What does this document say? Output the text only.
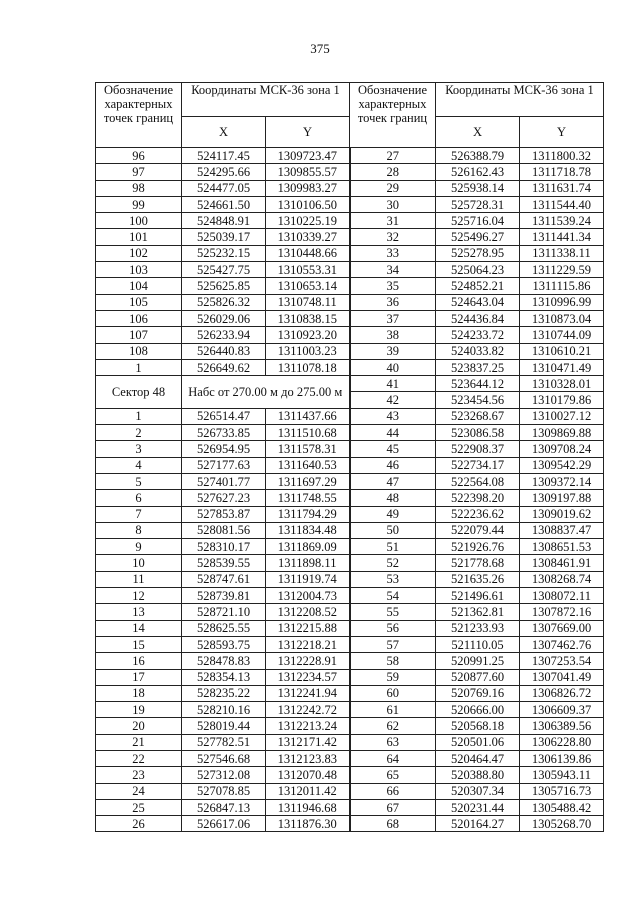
375
Обозначение характерных точек границ	Координаты МСК-36 зона 1		Обозначение характерных точек границ	Координаты МСК-36 зона 1	
	X	Y		X	Y
96	524117.45	1309723.47	27	526388.79	1311800.32
97	524295.66	1309855.57	28	526162.43	1311718.78
98	524477.05	1309983.27	29	525938.14	1311631.74
99	524661.50	1310106.50	30	525728.31	1311544.40
100	524848.91	1310225.19	31	525716.04	1311539.24
101	525039.17	1310339.27	32	525496.27	1311441.34
102	525232.15	1310448.66	33	525278.95	1311338.11
103	525427.75	1310553.31	34	525064.23	1311229.59
104	525625.85	1310653.14	35	524852.21	1311115.86
105	525826.32	1310748.11	36	524643.04	1310996.99
106	526029.06	1310838.15	37	524436.84	1310873.04
107	526233.94	1310923.20	38	524233.72	1310744.09
108	526440.83	1311003.23	39	524033.82	1310610.21
1	526649.62	1311078.18	40	523837.25	1310471.49
Сектор 48	Набс от 270.00 м до 275.00 м		41	523644.12	1310328.01
			42	523454.56	1310179.86
1	526514.47	1311437.66	43	523268.67	1310027.12
2	526733.85	1311510.68	44	523086.58	1309869.88
3	526954.95	1311578.31	45	522908.37	1309708.24
4	527177.63	1311640.53	46	522734.17	1309542.29
5	527401.77	1311697.29	47	522564.08	1309372.14
6	527627.23	1311748.55	48	522398.20	1309197.88
7	527853.87	1311794.29	49	522236.62	1309019.62
8	528081.56	1311834.48	50	522079.44	1308837.47
9	528310.17	1311869.09	51	521926.76	1308651.53
10	528539.55	1311898.11	52	521778.68	1308461.91
11	528747.61	1311919.74	53	521635.26	1308268.74
12	528739.81	1312004.73	54	521496.61	1308072.11
13	528721.10	1312208.52	55	521362.81	1307872.16
14	528625.55	1312215.88	56	521233.93	1307669.00
15	528593.75	1312218.21	57	521110.05	1307462.76
16	528478.83	1312228.91	58	520991.25	1307253.54
17	528354.13	1312234.57	59	520877.60	1307041.49
18	528235.22	1312241.94	60	520769.16	1306826.72
19	528210.16	1312242.72	61	520666.00	1306609.37
20	528019.44	1312213.24	62	520568.18	1306389.56
21	527782.51	1312171.42	63	520501.06	1306228.80
22	527546.68	1312123.83	64	520464.47	1306139.86
23	527312.08	1312070.48	65	520388.80	1305943.11
24	527078.85	1312011.42	66	520307.34	1305716.73
25	526847.13	1311946.68	67	520231.44	1305488.42
26	526617.06	1311876.30	68	520164.27	1305268.70
